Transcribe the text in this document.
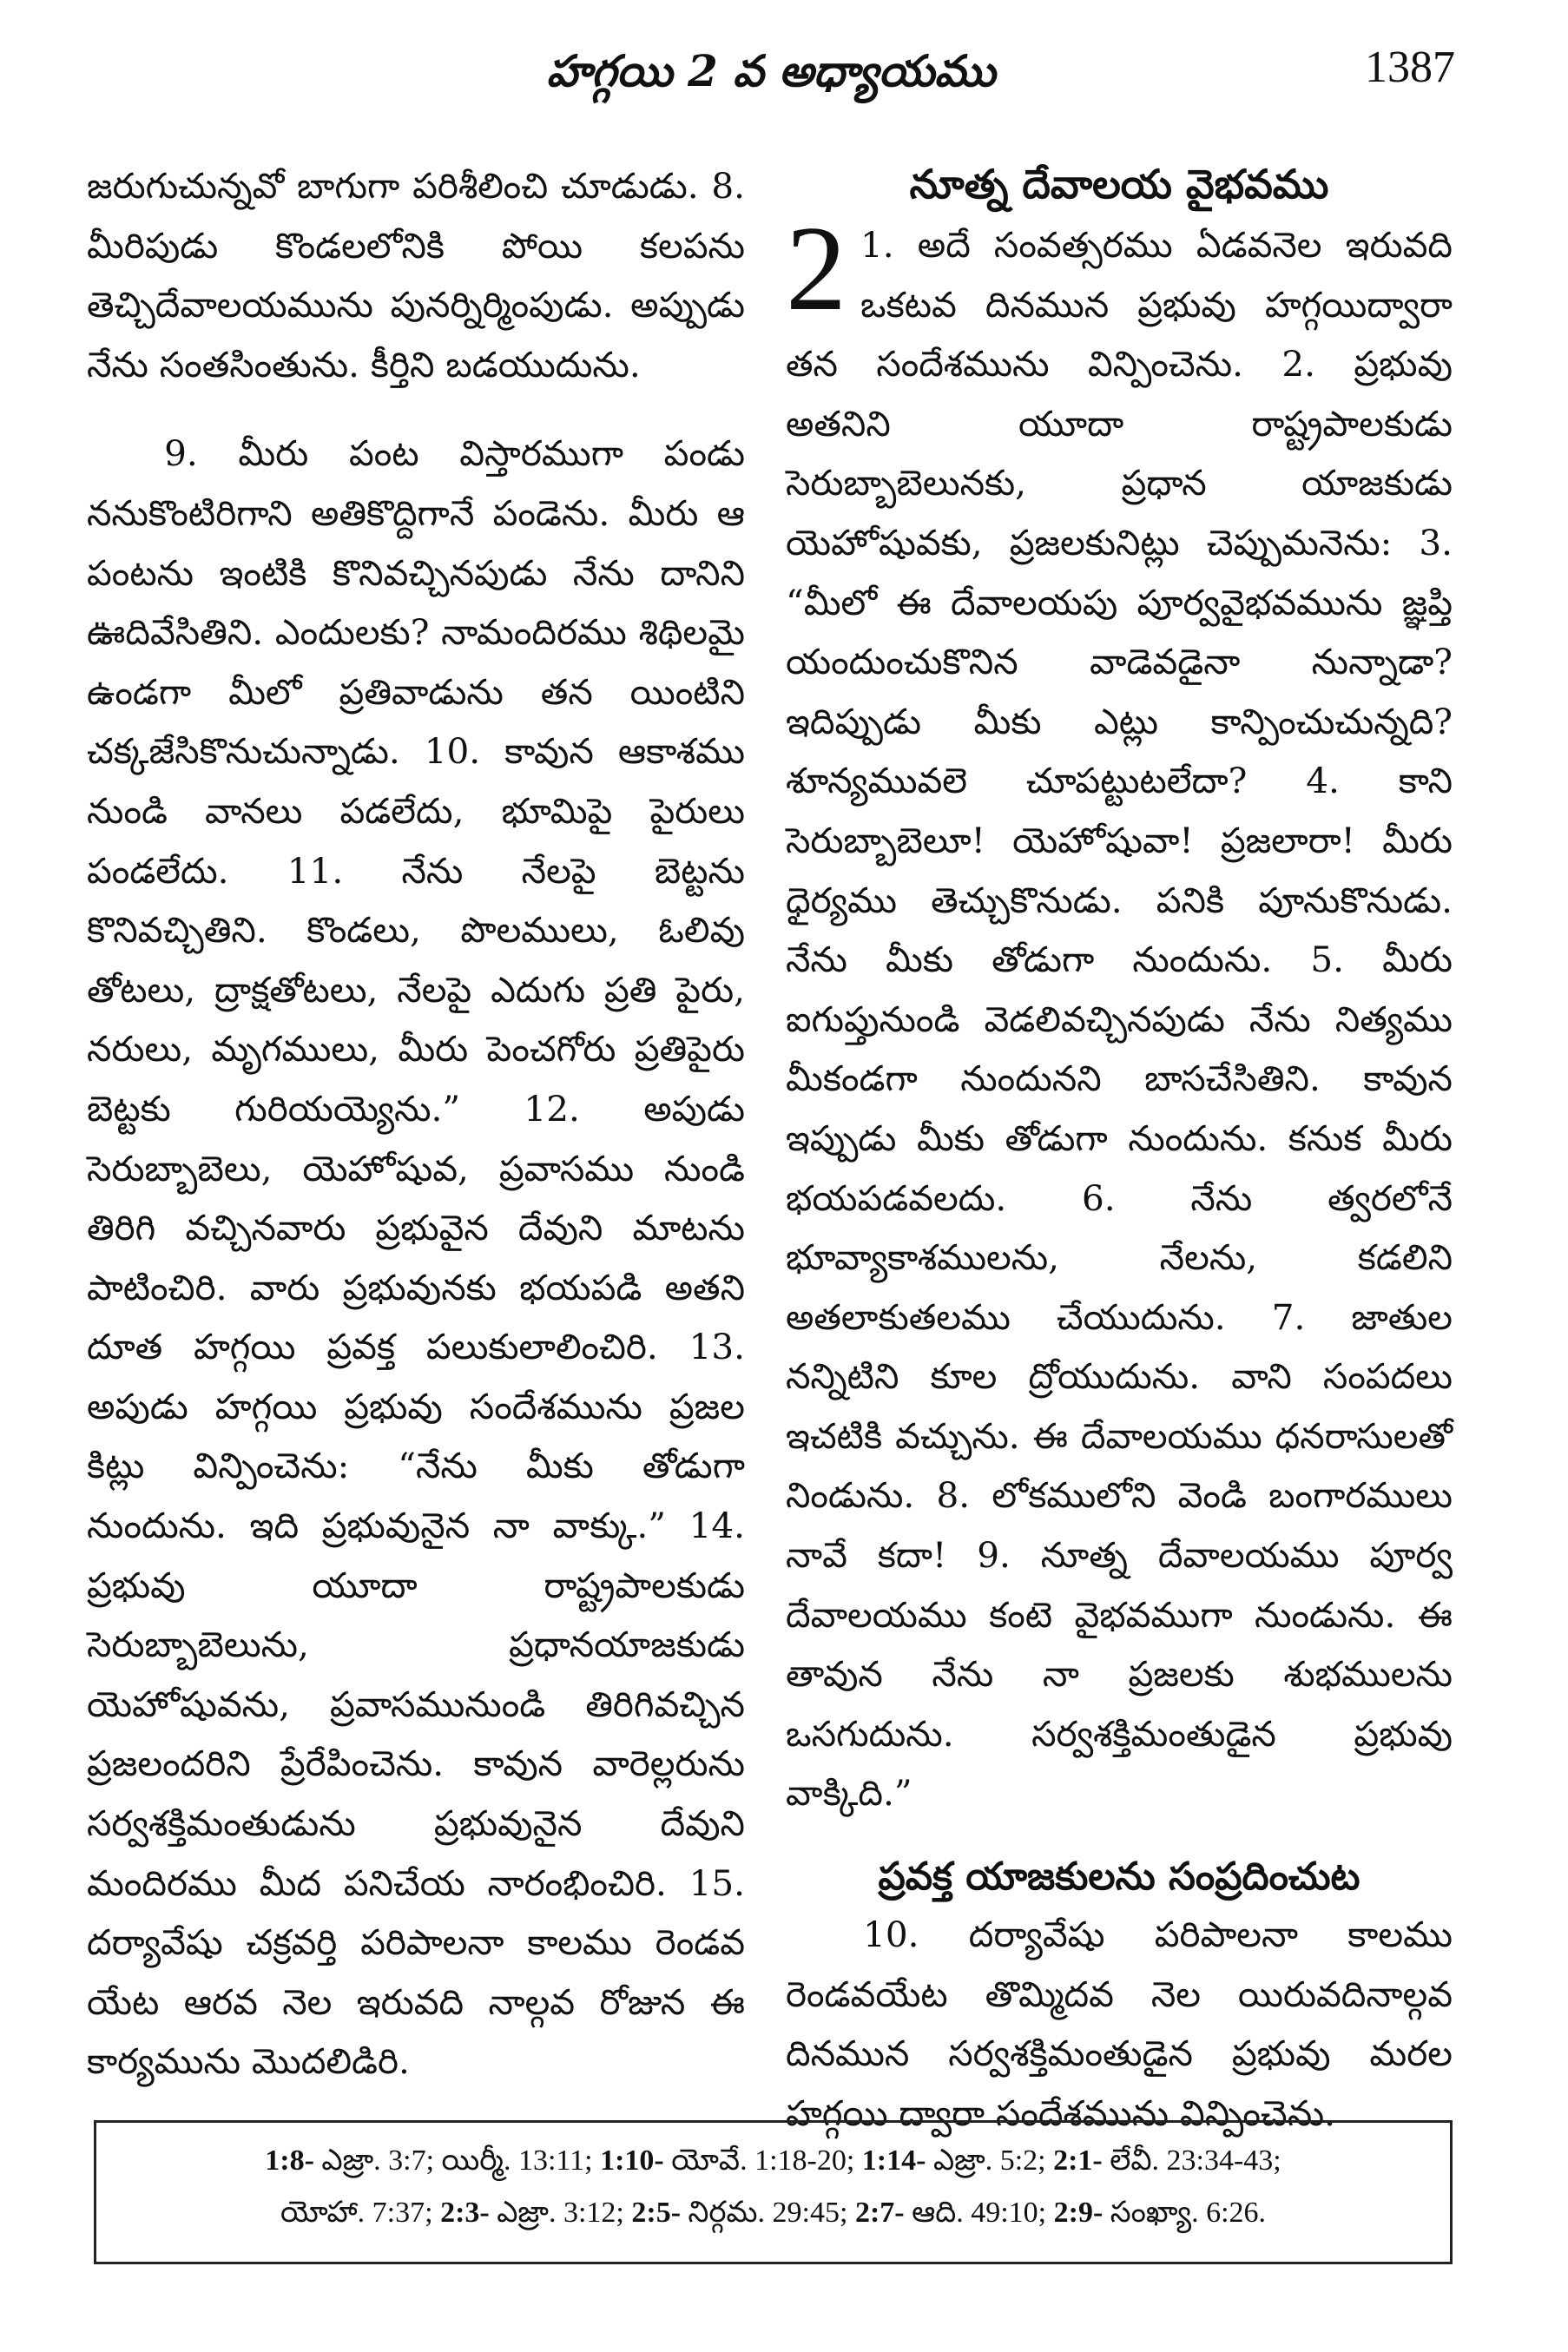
హగ్గయి 2 వ అధ్యాయము	1387

జరుగుచున్నవో బాగుగా పరిశీలించి చూడుడు. 8. మీరిపుడు కొండలలోనికి పోయి కలపను తెచ్చిదేవాలయమును పునర్నిర్మింపుడు. అప్పుడు నేను సంతసింతును. కీర్తిని బడయుదును.

9. మీరు పంట విస్తారముగా పండు ననుకొంటిరిగాని అతికొద్దిగానే పండెను. మీరు ఆ పంటను ఇంటికి కొనివచ్చినపుడు నేను దానిని ఊదివేసితిని. ఎందులకు? నామందిరము శిథిలమై ఉండగా మీలో ప్రతివాడును తన యింటిని చక్కజేసికొనుచున్నాడు. 10. కావున ఆకాశము నుండి వానలు పడలేదు, భూమిపై పైరులు పండలేదు. 11. నేను నేలపై బెట్టను కొనివచ్చితిని. కొండలు, పొలములు, ఓలివు తోటలు, ద్రాక్షతోటలు, నేలపై ఎదుగు ప్రతి పైరు, నరులు, మృగములు, మీరు పెంచగోరు ప్రతిపైరు బెట్టకు గురియయ్యెను.” 12. అపుడు సెరుబ్బాబెలు, యెహోషువ, ప్రవాసము నుండి తిరిగి వచ్చినవారు ప్రభువైన దేవుని మాటను పాటించిరి. వారు ప్రభువునకు భయపడి అతని దూత హగ్గయి ప్రవక్త పలుకులాలించిరి. 13. అపుడు హగ్గయి ప్రభువు సందేశమును ప్రజల కిట్లు విన్పించెను: “నేను మీకు తోడుగా నుందును. ఇది ప్రభువునైన నా వాక్కు.” 14. ప్రభువు యూదా రాష్ట్రపాలకుడు సెరుబ్బాబెలును, ప్రధానయాజకుడు యెహోషువను, ప్రవాసమునుండి తిరిగివచ్చిన ప్రజలందరిని ప్రేరేపించెను. కావున వారెల్లరును సర్వశక్తిమంతుడును ప్రభువునైన దేవుని మందిరము మీద పనిచేయ నారంభించిరి. 15. దర్యావేషు చక్రవర్తి పరిపాలనా కాలము రెండవ యేట ఆరవ నెల ఇరువది నాల్గవ రోజున ఈ కార్యమును మొదలిడిరి.

నూత్న దేవాలయ వైభవము

2 1. అదే సంవత్సరము ఏడవనెల ఇరువది ఒకటవ దినమున ప్రభువు హగ్గయిద్వారా తన సందేశమును విన్పించెను. 2. ప్రభువు అతనిని యూదా రాష్ట్రపాలకుడు సెరుబ్బాబెలునకు, ప్రధాన యాజకుడు యెహోషువకు, ప్రజలకునిట్లు చెప్పుమనెను: 3. “మీలో ఈ దేవాలయపు పూర్వవైభవమును జ్ఞప్తి యందుంచుకొనిన వాడెవడైనా నున్నాడా? ఇదిప్పుడు మీకు ఎట్లు కాన్పించుచున్నది? శూన్యమువలె చూపట్టుటలేదా? 4. కాని సెరుబ్బాబెలూ! యెహోషువా! ప్రజలారా! మీరు ధైర్యము తెచ్చుకొనుడు. పనికి పూనుకొనుడు. నేను మీకు తోడుగా నుందును. 5. మీరు ఐగుప్తునుండి వెడలివచ్చినపుడు నేను నిత్యము మీకండగా నుందునని బాసచేసితిని. కావున ఇప్పుడు మీకు తోడుగా నుందును. కనుక మీరు భయపడవలదు. 6. నేను త్వరలోనే భూవ్యాకాశములను, నేలను, కడలిని అతలాకుతలము చేయుదును. 7. జాతుల నన్నిటిని కూల ద్రోయుదును. వాని సంపదలు ఇచటికి వచ్చును. ఈ దేవాలయము ధనరాసులతో నిండును. 8. లోకములోని వెండి బంగారములు నావే కదా! 9. నూత్న దేవాలయము పూర్వ దేవాలయము కంటె వైభవముగా నుండును. ఈ తావున నేను నా ప్రజలకు శుభములను ఒసగుదును. సర్వశక్తిమంతుడైన ప్రభువు వాక్కిది.”

ప్రవక్త యాజకులను సంప్రదించుట

10. దర్యావేషు పరిపాలనా కాలము రెండవయేట తొమ్మిదవ నెల యిరువదినాల్గవ దినమున సర్వశక్తిమంతుడైన ప్రభువు మరల హగ్గయి ద్వారా సందేశమును విన్పించెను.

1:8- ఎజ్రా. 3:7; యిర్మీ. 13:11; 1:10- యోవే. 1:18-20; 1:14- ఎజ్రా. 5:2; 2:1- లేవీ. 23:34-43;
యోహా. 7:37; 2:3- ఎజ్రా. 3:12; 2:5- నిర్గమ. 29:45; 2:7- ఆది. 49:10; 2:9- సంఖ్యా. 6:26.
